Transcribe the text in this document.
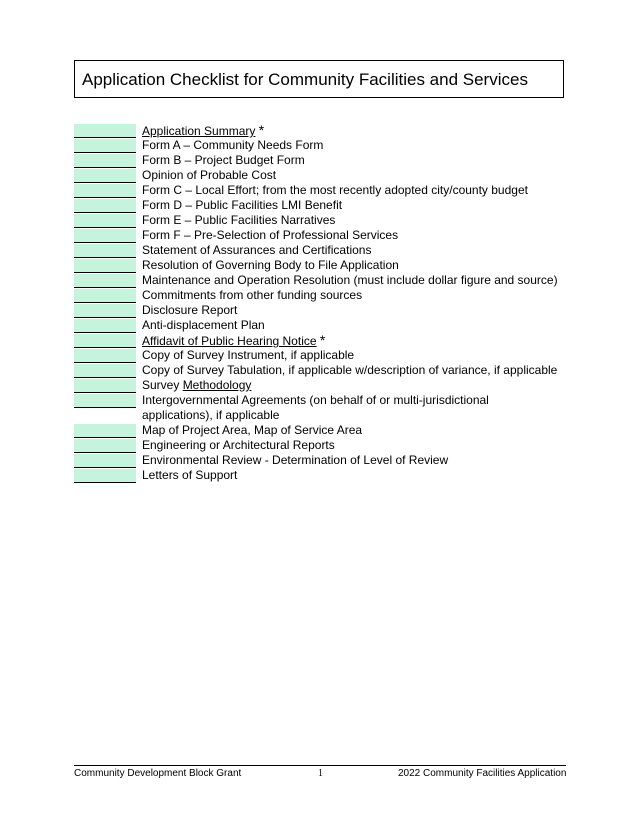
Application Checklist for Community Facilities and Services
Application Summary *
Form A – Community Needs Form
Form B – Project Budget Form
Opinion of Probable Cost
Form C – Local Effort; from the most recently adopted city/county budget
Form D – Public Facilities LMI Benefit
Form E – Public Facilities Narratives
Form F – Pre-Selection of Professional Services
Statement of Assurances and Certifications
Resolution of Governing Body to File Application
Maintenance and Operation Resolution (must include dollar figure and source)
Commitments from other funding sources
Disclosure Report
Anti-displacement Plan
Affidavit of Public Hearing Notice *
Copy of Survey Instrument, if applicable
Copy of Survey Tabulation, if applicable w/description of variance, if applicable
Survey Methodology
Intergovernmental Agreements (on behalf of or multi-jurisdictional applications), if applicable
Map of Project Area, Map of Service Area
Engineering or Architectural Reports
Environmental Review - Determination of Level of Review
Letters of Support
Community Development Block Grant	1	2022 Community Facilities Application
